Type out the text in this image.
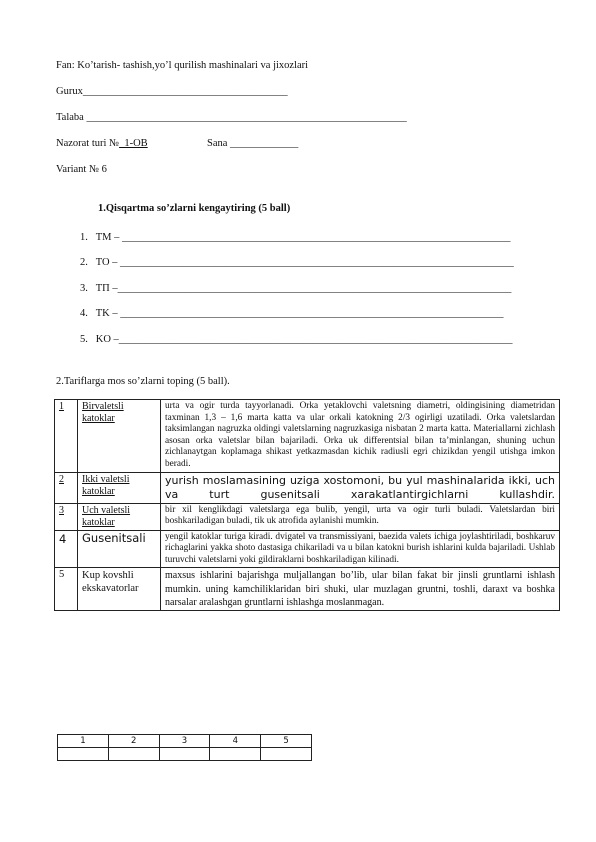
Fan: Ko’tarish- tashish,yo’l qurilish mashinalari va jixozlari
Gurux_______________________________________
Talaba _____________________________________________________________
Nazorat turi №_1-OB	Sana _____________
Variant № 6
1.Qisqartma so’zlarni kengaytiring (5 ball)
1. TM – __________________________________________________________________________
2. TO – ___________________________________________________________________________
3. TП –___________________________________________________________________________
4. TK – _________________________________________________________________________
5. KO –___________________________________________________________________________
2.Tariflarga mos so’zlarni toping (5 ball).
1	Birvaletsli katoklar	urta va ogir turda tayyorlanadi. Orka yetaklovchi valetsning diametri, oldingisining diametridan taxminan 1,3 – 1,6 marta katta va ular orkali katokning 2/3 ogirligi uzatiladi. Orka valetslardan taksimlangan nagruzka oldingi valetslarning nagruzkasiga nisbatan 2 marta katta. Materiallarni zichlash asosan orka valetslar bilan bajariladi. Orka uk differentsial bilan ta’minlangan, shuning uchun zichlanaytgan koplamaga shikast yetkazmasdan kichik radiusli egri chizikdan yengil utishga imkon beradi.
2	Ikki valetsli katoklar	yurish moslamasining uziga xostomoni, bu yul mashinalarida ikki, uch va turt gusenitsali xarakatlantirgichlarni kullashdir.
3	Uch valetsli katoklar	bir xil kenglikdagi valetslarga ega bulib, yengil, urta va ogir turli buladi. Valetslardan biri boshkariladigan buladi, tik uk atrofida aylanishi mumkin.
4	Gusenitsali	yengil katoklar turiga kiradi. dvigatel va transmissiyani, baezida valets ichiga joylashtiriladi, boshkaruv richaglarini yakka shoto dastasiga chikariladi va u bilan katokni burish ishlarini kulda bajariladi. Ushlab turuvchi valetslarni yoki gildiraklarni boshkariladigan kilinadi.
5	Kup kovshli ekskavatorlar	maxsus ishlarini bajarishga muljallangan bo’lib, ular bilan fakat bir jinsli gruntlarni ishlash mumkin. uning kamchiliklaridan biri shuki, ular muzlagan gruntni, toshli, daraxt va boshka narsalar aralashgan gruntlarni ishlashga moslanmagan.
1	2	3	4	5
